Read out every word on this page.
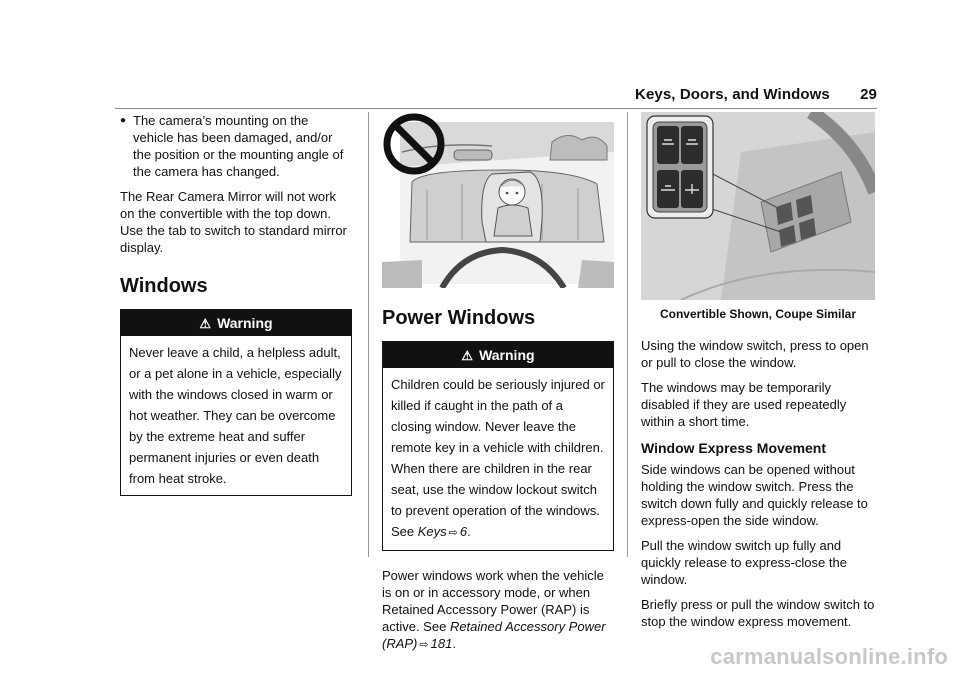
Keys, Doors, and Windows 29
● The camera’s mounting on the vehicle has been damaged, and/or the position or the mounting angle of the camera has changed.

The Rear Camera Mirror will not work on the convertible with the top down. Use the tab to switch to standard mirror display.

Windows
⚠ Warning
Never leave a child, a helpless adult, or a pet alone in a vehicle, especially with the windows closed in warm or hot weather. They can be overcome by the extreme heat and suffer permanent injuries or even death from heat stroke.
Power Windows
⚠ Warning
Children could be seriously injured or killed if caught in the path of a closing window. Never leave the remote key in a vehicle with children. When there are children in the rear seat, use the window lockout switch to prevent operation of the windows. See Keys ⇨ 6.

Power windows work when the vehicle is on or in accessory mode, or when Retained Accessory Power (RAP) is active. See Retained Accessory Power (RAP) ⇨ 181.

Convertible Shown, Coupe Similar

Using the window switch, press to open or pull to close the window.

The windows may be temporarily disabled if they are used repeatedly within a short time.

Window Express Movement

Side windows can be opened without holding the window switch. Press the switch down fully and quickly release to express-open the side window.

Pull the window switch up fully and quickly release to express-close the window.

Briefly press or pull the window switch to stop the window express movement.

carmanualsonline.info
